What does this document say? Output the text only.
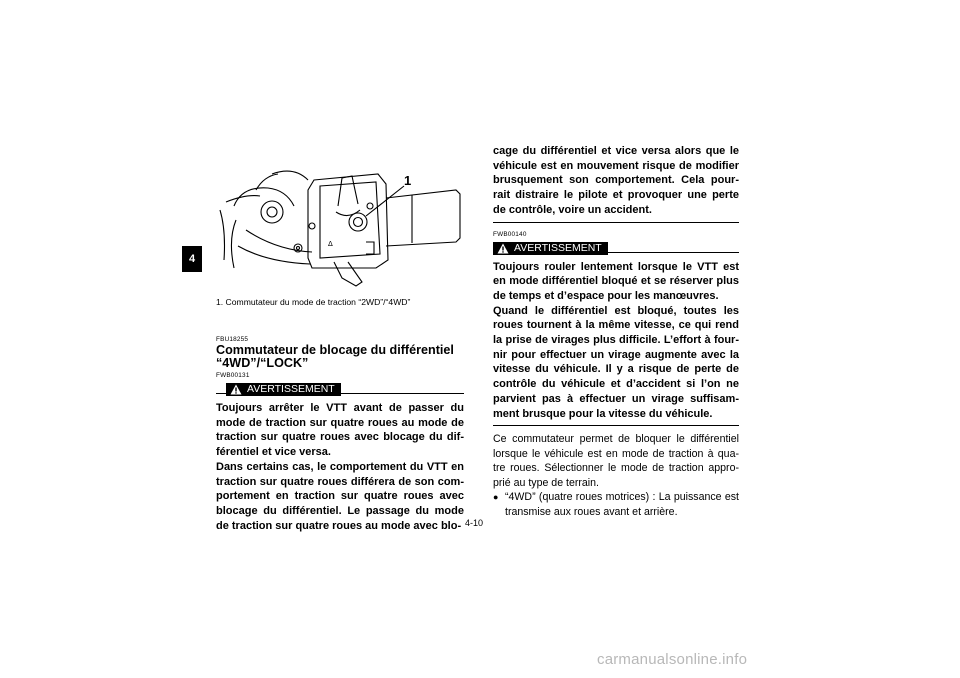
4
Δ
1
1. Commutateur du mode de traction “2WD”/“4WD”
FBU18255
Commutateur de blocage du différentiel “4WD”/“LOCK”
FWB00131
AVERTISSEMENT
Toujours arrêter le VTT avant de passer du mode de traction sur quatre roues au mode de traction sur quatre roues avec blocage du dif-férentiel et vice versa.
Dans certains cas, le comportement du VTT en traction sur quatre roues différera de son com-portement en traction sur quatre roues avec blocage du différentiel. Le passage du mode de traction sur quatre roues au mode avec blo-
cage du différentiel et vice versa alors que le véhicule est en mouvement risque de modifier brusquement son comportement. Cela pour-rait distraire le pilote et provoquer une perte de contrôle, voire un accident.
FWB00140
AVERTISSEMENT
Toujours rouler lentement lorsque le VTT est en mode différentiel bloqué et se réserver plus de temps et d’espace pour les manœuvres.
Quand le différentiel est bloqué, toutes les roues tournent à la même vitesse, ce qui rend la prise de virages plus difficile. L’effort à four-nir pour effectuer un virage augmente avec la vitesse du véhicule. Il y a risque de perte de contrôle du véhicule et d’accident si l’on ne parvient pas à effectuer un virage suffisam-ment brusque pour la vitesse du véhicule.
Ce commutateur permet de bloquer le différentiel lorsque le véhicule est en mode de traction à qua-tre roues. Sélectionner le mode de traction appro-prié au type de terrain.
● “4WD” (quatre roues motrices) : La puissance est transmise aux roues avant et arrière.
4-10
carmanualsonline.info
